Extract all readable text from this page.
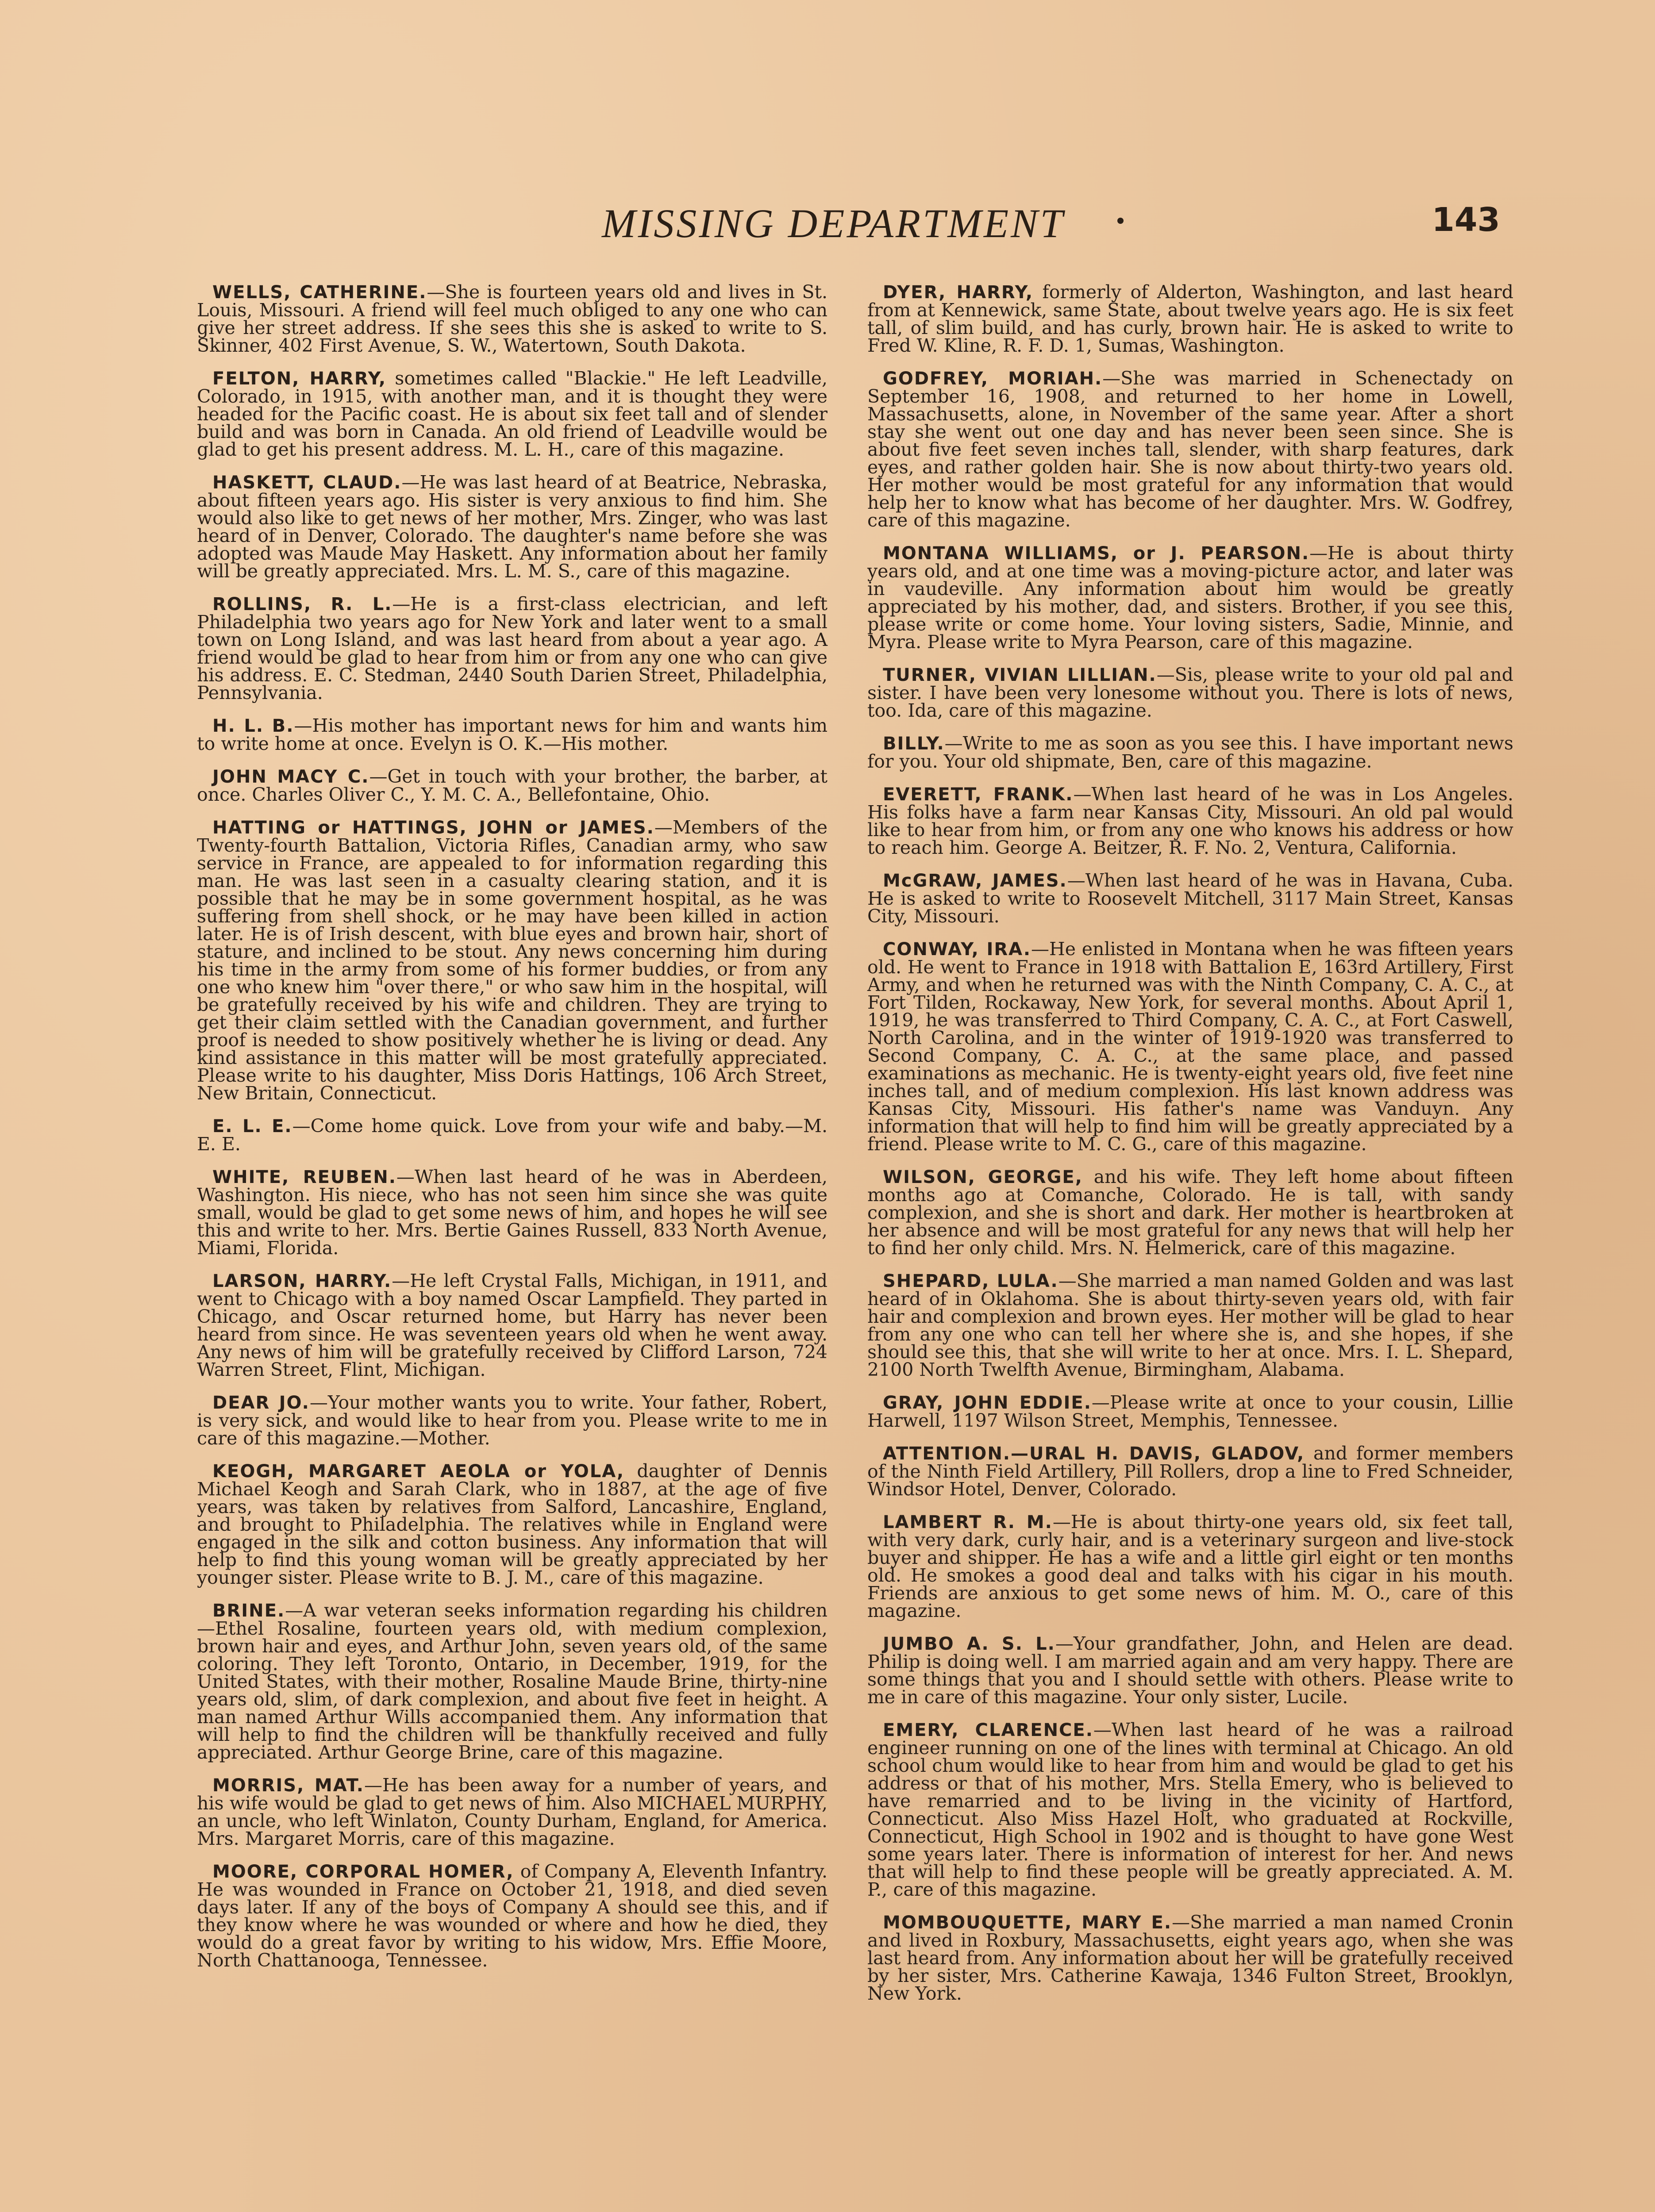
MISSING DEPARTMENT	143

WELLS, CATHERINE.—She is fourteen years old and lives in St. Louis, Missouri. A friend will feel much obliged to any one who can give her street address. If she sees this she is asked to write to S. Skinner, 402 First Avenue, S. W., Watertown, South Dakota.

FELTON, HARRY, sometimes called "Blackie." He left Leadville, Colorado, in 1915, with another man, and it is thought they were headed for the Pacific coast. He is about six feet tall and of slender build and was born in Canada. An old friend of Leadville would be glad to get his present address. M. L. H., care of this magazine.

HASKETT, CLAUD.—He was last heard of at Beatrice, Nebraska, about fifteen years ago. His sister is very anxious to find him. She would also like to get news of her mother, Mrs. Zinger, who was last heard of in Denver, Colorado. The daughter's name before she was adopted was Maude May Haskett. Any information about her family will be greatly appreciated. Mrs. L. M. S., care of this magazine.

ROLLINS, R. L.—He is a first-class electrician, and left Philadelphia two years ago for New York and later went to a small town on Long Island, and was last heard from about a year ago. A friend would be glad to hear from him or from any one who can give his address. E. C. Stedman, 2440 South Darien Street, Philadelphia, Pennsylvania.

H. L. B.—His mother has important news for him and wants him to write home at once. Evelyn is O. K.—His mother.

JOHN MACY C.—Get in touch with your brother, the barber, at once. Charles Oliver C., Y. M. C. A., Bellefontaine, Ohio.

HATTING or HATTINGS, JOHN or JAMES.—Members of the Twenty-fourth Battalion, Victoria Rifles, Canadian army, who saw service in France, are appealed to for information regarding this man. He was last seen in a casualty clearing station, and it is possible that he may be in some government hospital, as he was suffering from shell shock, or he may have been killed in action later. He is of Irish descent, with blue eyes and brown hair, short of stature, and inclined to be stout. Any news concerning him during his time in the army from some of his former buddies, or from any one who knew him "over there," or who saw him in the hospital, will be gratefully received by his wife and children. They are trying to get their claim settled with the Canadian government, and further proof is needed to show positively whether he is living or dead. Any kind assistance in this matter will be most gratefully appreciated. Please write to his daughter, Miss Doris Hattings, 106 Arch Street, New Britain, Connecticut.

E. L. E.—Come home quick. Love from your wife and baby.—M. E. E.

WHITE, REUBEN.—When last heard of he was in Aberdeen, Washington. His niece, who has not seen him since she was quite small, would be glad to get some news of him, and hopes he will see this and write to her. Mrs. Bertie Gaines Russell, 833 North Avenue, Miami, Florida.

LARSON, HARRY.—He left Crystal Falls, Michigan, in 1911, and went to Chicago with a boy named Oscar Lampfield. They parted in Chicago, and Oscar returned home, but Harry has never been heard from since. He was seventeen years old when he went away. Any news of him will be gratefully received by Clifford Larson, 724 Warren Street, Flint, Michigan.

DEAR JO.—Your mother wants you to write. Your father, Robert, is very sick, and would like to hear from you. Please write to me in care of this magazine.—Mother.

KEOGH, MARGARET AEOLA or YOLA, daughter of Dennis Michael Keogh and Sarah Clark, who in 1887, at the age of five years, was taken by relatives from Salford, Lancashire, England, and brought to Philadelphia. The relatives while in England were engaged in the silk and cotton business. Any information that will help to find this young woman will be greatly appreciated by her younger sister. Please write to B. J. M., care of this magazine.

BRINE.—A war veteran seeks information regarding his children—Ethel Rosaline, fourteen years old, with medium complexion, brown hair and eyes, and Arthur John, seven years old, of the same coloring. They left Toronto, Ontario, in December, 1919, for the United States, with their mother, Rosaline Maude Brine, thirty-nine years old, slim, of dark complexion, and about five feet in height. A man named Arthur Wills accompanied them. Any information that will help to find the children will be thankfully received and fully appreciated. Arthur George Brine, care of this magazine.

MORRIS, MAT.—He has been away for a number of years, and his wife would be glad to get news of him. Also MICHAEL MURPHY, an uncle, who left Winlaton, County Durham, England, for America. Mrs. Margaret Morris, care of this magazine.

MOORE, CORPORAL HOMER, of Company A, Eleventh Infantry. He was wounded in France on October 21, 1918, and died seven days later. If any of the boys of Company A should see this, and if they know where he was wounded or where and how he died, they would do a great favor by writing to his widow, Mrs. Effie Moore, North Chattanooga, Tennessee.

DYER, HARRY, formerly of Alderton, Washington, and last heard from at Kennewick, same State, about twelve years ago. He is six feet tall, of slim build, and has curly, brown hair. He is asked to write to Fred W. Kline, R. F. D. 1, Sumas, Washington.

GODFREY, MORIAH.—She was married in Schenectady on September 16, 1908, and returned to her home in Lowell, Massachusetts, alone, in November of the same year. After a short stay she went out one day and has never been seen since. She is about five feet seven inches tall, slender, with sharp features, dark eyes, and rather golden hair. She is now about thirty-two years old. Her mother would be most grateful for any information that would help her to know what has become of her daughter. Mrs. W. Godfrey, care of this magazine.

MONTANA WILLIAMS, or J. PEARSON.—He is about thirty years old, and at one time was a moving-picture actor, and later was in vaudeville. Any information about him would be greatly appreciated by his mother, dad, and sisters. Brother, if you see this, please write or come home. Your loving sisters, Sadie, Minnie, and Myra. Please write to Myra Pearson, care of this magazine.

TURNER, VIVIAN LILLIAN.—Sis, please write to your old pal and sister. I have been very lonesome without you. There is lots of news, too. Ida, care of this magazine.

BILLY.—Write to me as soon as you see this. I have important news for you. Your old shipmate, Ben, care of this magazine.

EVERETT, FRANK.—When last heard of he was in Los Angeles. His folks have a farm near Kansas City, Missouri. An old pal would like to hear from him, or from any one who knows his address or how to reach him. George A. Beitzer, R. F. No. 2, Ventura, California.

McGRAW, JAMES.—When last heard of he was in Havana, Cuba. He is asked to write to Roosevelt Mitchell, 3117 Main Street, Kansas City, Missouri.

CONWAY, IRA.—He enlisted in Montana when he was fifteen years old. He went to France in 1918 with Battalion E, 163rd Artillery, First Army, and when he returned was with the Ninth Company, C. A. C., at Fort Tilden, Rockaway, New York, for several months. About April 1, 1919, he was transferred to Third Company, C. A. C., at Fort Caswell, North Carolina, and in the winter of 1919-1920 was transferred to Second Company, C. A. C., at the same place, and passed examinations as mechanic. He is twenty-eight years old, five feet nine inches tall, and of medium complexion. His last known address was Kansas City, Missouri. His father's name was Vanduyn. Any information that will help to find him will be greatly appreciated by a friend. Please write to M. C. G., care of this magazine.

WILSON, GEORGE, and his wife. They left home about fifteen months ago at Comanche, Colorado. He is tall, with sandy complexion, and she is short and dark. Her mother is heartbroken at her absence and will be most grateful for any news that will help her to find her only child. Mrs. N. Helmerick, care of this magazine.

SHEPARD, LULA.—She married a man named Golden and was last heard of in Oklahoma. She is about thirty-seven years old, with fair hair and complexion and brown eyes. Her mother will be glad to hear from any one who can tell her where she is, and she hopes, if she should see this, that she will write to her at once. Mrs. I. L. Shepard, 2100 North Twelfth Avenue, Birmingham, Alabama.

GRAY, JOHN EDDIE.—Please write at once to your cousin, Lillie Harwell, 1197 Wilson Street, Memphis, Tennessee.

ATTENTION.—URAL H. DAVIS, GLADOV, and former members of the Ninth Field Artillery, Pill Rollers, drop a line to Fred Schneider, Windsor Hotel, Denver, Colorado.

LAMBERT R. M.—He is about thirty-one years old, six feet tall, with very dark, curly hair, and is a veterinary surgeon and live-stock buyer and shipper. He has a wife and a little girl eight or ten months old. He smokes a good deal and talks with his cigar in his mouth. Friends are anxious to get some news of him. M. O., care of this magazine.

JUMBO A. S. L.—Your grandfather, John, and Helen are dead. Philip is doing well. I am married again and am very happy. There are some things that you and I should settle with others. Please write to me in care of this magazine. Your only sister, Lucile.

EMERY, CLARENCE.—When last heard of he was a railroad engineer running on one of the lines with terminal at Chicago. An old school chum would like to hear from him and would be glad to get his address or that of his mother, Mrs. Stella Emery, who is believed to have remarried and to be living in the vicinity of Hartford, Connecticut. Also Miss Hazel Holt, who graduated at Rockville, Connecticut, High School in 1902 and is thought to have gone West some years later. There is information of interest for her. And news that will help to find these people will be greatly appreciated. A. M. P., care of this magazine.

MOMBOUQUETTE, MARY E.—She married a man named Cronin and lived in Roxbury, Massachusetts, eight years ago, when she was last heard from. Any information about her will be gratefully received by her sister, Mrs. Catherine Kawaja, 1346 Fulton Street, Brooklyn, New York.
